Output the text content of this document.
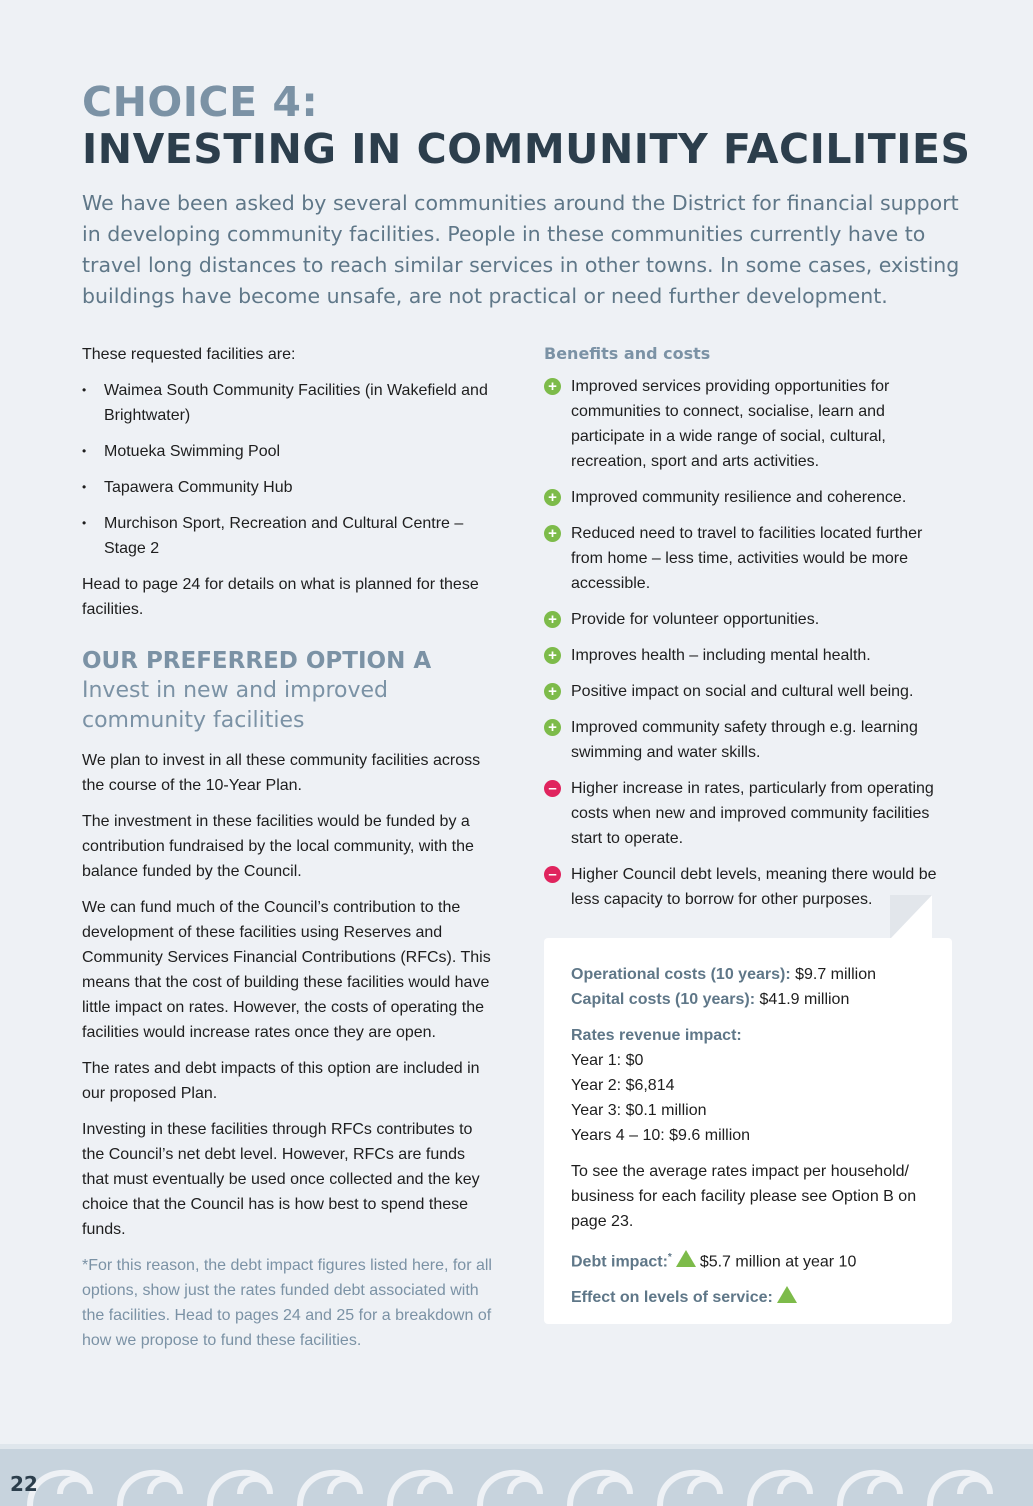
CHOICE 4:
INVESTING IN COMMUNITY FACILITIES
We have been asked by several communities around the District for financial support in developing community facilities. People in these communities currently have to travel long distances to reach similar services in other towns. In some cases, existing buildings have become unsafe, are not practical or need further development.

These requested facilities are:

• Waimea South Community Facilities (in Wakefield and Brightwater)
• Motueka Swimming Pool
• Tapawera Community Hub
• Murchison Sport, Recreation and Cultural Centre – Stage 2

Head to page 24 for details on what is planned for these facilities.

OUR PREFERRED OPTION A
Invest in new and improved community facilities

We plan to invest in all these community facilities across the course of the 10-Year Plan.

The investment in these facilities would be funded by a contribution fundraised by the local community, with the balance funded by the Council.

We can fund much of the Council’s contribution to the development of these facilities using Reserves and Community Services Financial Contributions (RFCs). This means that the cost of building these facilities would have little impact on rates. However, the costs of operating the facilities would increase rates once they are open.

The rates and debt impacts of this option are included in our proposed Plan.

Investing in these facilities through RFCs contributes to the Council’s net debt level. However, RFCs are funds that must eventually be used once collected and the key choice that the Council has is how best to spend these funds.

*For this reason, the debt impact figures listed here, for all options, show just the rates funded debt associated with the facilities. Head to pages 24 and 25 for a breakdown of how we propose to fund these facilities.

Benefits and costs
+ Improved services providing opportunities for communities to connect, socialise, learn and participate in a wide range of social, cultural, recreation, sport and arts activities.
+ Improved community resilience and coherence.
+ Reduced need to travel to facilities located further from home – less time, activities would be more accessible.
+ Provide for volunteer opportunities.
+ Improves health – including mental health.
+ Positive impact on social and cultural well being.
+ Improved community safety through e.g. learning swimming and water skills.
– Higher increase in rates, particularly from operating costs when new and improved community facilities start to operate.
– Higher Council debt levels, meaning there would be less capacity to borrow for other purposes.
Operational costs (10 years): $9.7 million
Capital costs (10 years): $41.9 million
Rates revenue impact:
Year 1: $0
Year 2: $6,814
Year 3: $0.1 million
Years 4 – 10: $9.6 million
To see the average rates impact per household/ business for each facility please see Option B on page 23.
Debt impact:* $5.7 million at year 10
Effect on levels of service:
22
